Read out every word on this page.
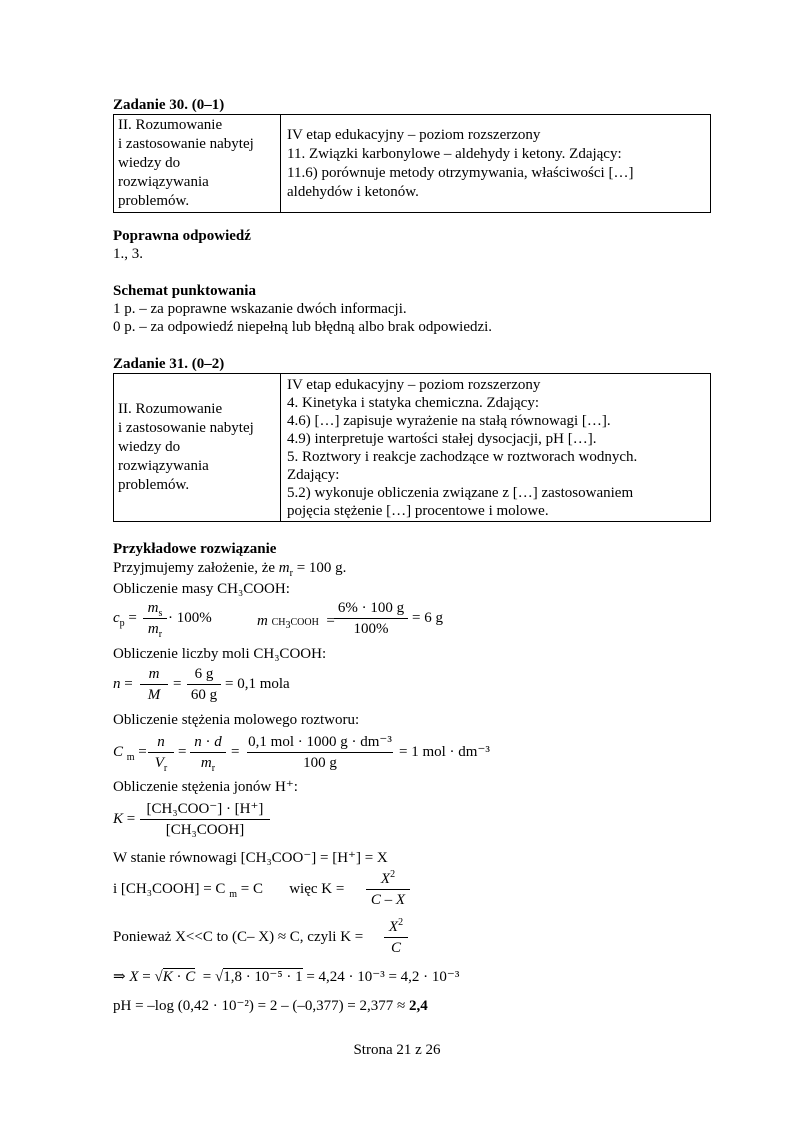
Zadanie 30. (0–1)
II. Rozumowanie
i zastosowanie nabytej
wiedzy do
rozwiązywania
problemów.

IV etap edukacyjny – poziom rozszerzony
11. Związki karbonylowe – aldehydy i ketony. Zdający:
11.6) porównuje metody otrzymywania, właściwości […]
aldehydów i ketonów.
Poprawna odpowiedź
1., 3.
Schemat punktowania
1 p. – za poprawne wskazanie dwóch informacji.
0 p. – za odpowiedź niepełną lub błędną albo brak odpowiedzi.
Zadanie 31. (0–2)
II. Rozumowanie
i zastosowanie nabytej
wiedzy do
rozwiązywania
problemów.

IV etap edukacyjny – poziom rozszerzony
4. Kinetyka i statyka chemiczna. Zdający:
4.6) […] zapisuje wyrażenie na stałą równowagi […].
4.9) interpretuje wartości stałej dysocjacji, pH […].
5. Roztwory i reakcje zachodzące w roztworach wodnych.
Zdający:
5.2) wykonuje obliczenia związane z […] zastosowaniem
pojęcia stężenie […] procentowe i molowe.
Przykładowe rozwiązanie
Przyjmujemy założenie, że $m_r = 100$ g.
Obliczenie masy CH₃COOH:
$c_p$ =
$m_s$
$m_r$
· 100%	m $CH_3COOH$  =
6% · 100 g
100%
= 6 g
Obliczenie liczby moli CH₃COOH:
n =
m
M
=
6 g
60 g
= 0,1 mola
Obliczenie stężenia molowego roztworu:
C $_m$ =
n
$V_r$
=
n · d
$m_r$
=
0,1 mol · 1000 g · dm⁻³
100 g
= 1 mol · dm⁻³
Obliczenie stężenia jonów H⁺:
K =
[CH₃COO⁻] · [H⁺]
[CH₃COOH]
W stanie równowagi [CH₃COO⁻] = [H⁺] = X
i [CH₃COOH] = C $_m$ = C więc K =
$X^2$
C – X
Ponieważ X<<C to (C– X) ≈ C, czyli K =
$X^2$
C
⇒ X = √K · C  = √1,8 · 10⁻⁵ · 1 = 4,24 · 10⁻³ = 4,2 · 10⁻³
pH = –log (0,42 · 10⁻²) = 2 – (–0,377) = 2,377 ≈ 2,4
Strona 21 z 26
